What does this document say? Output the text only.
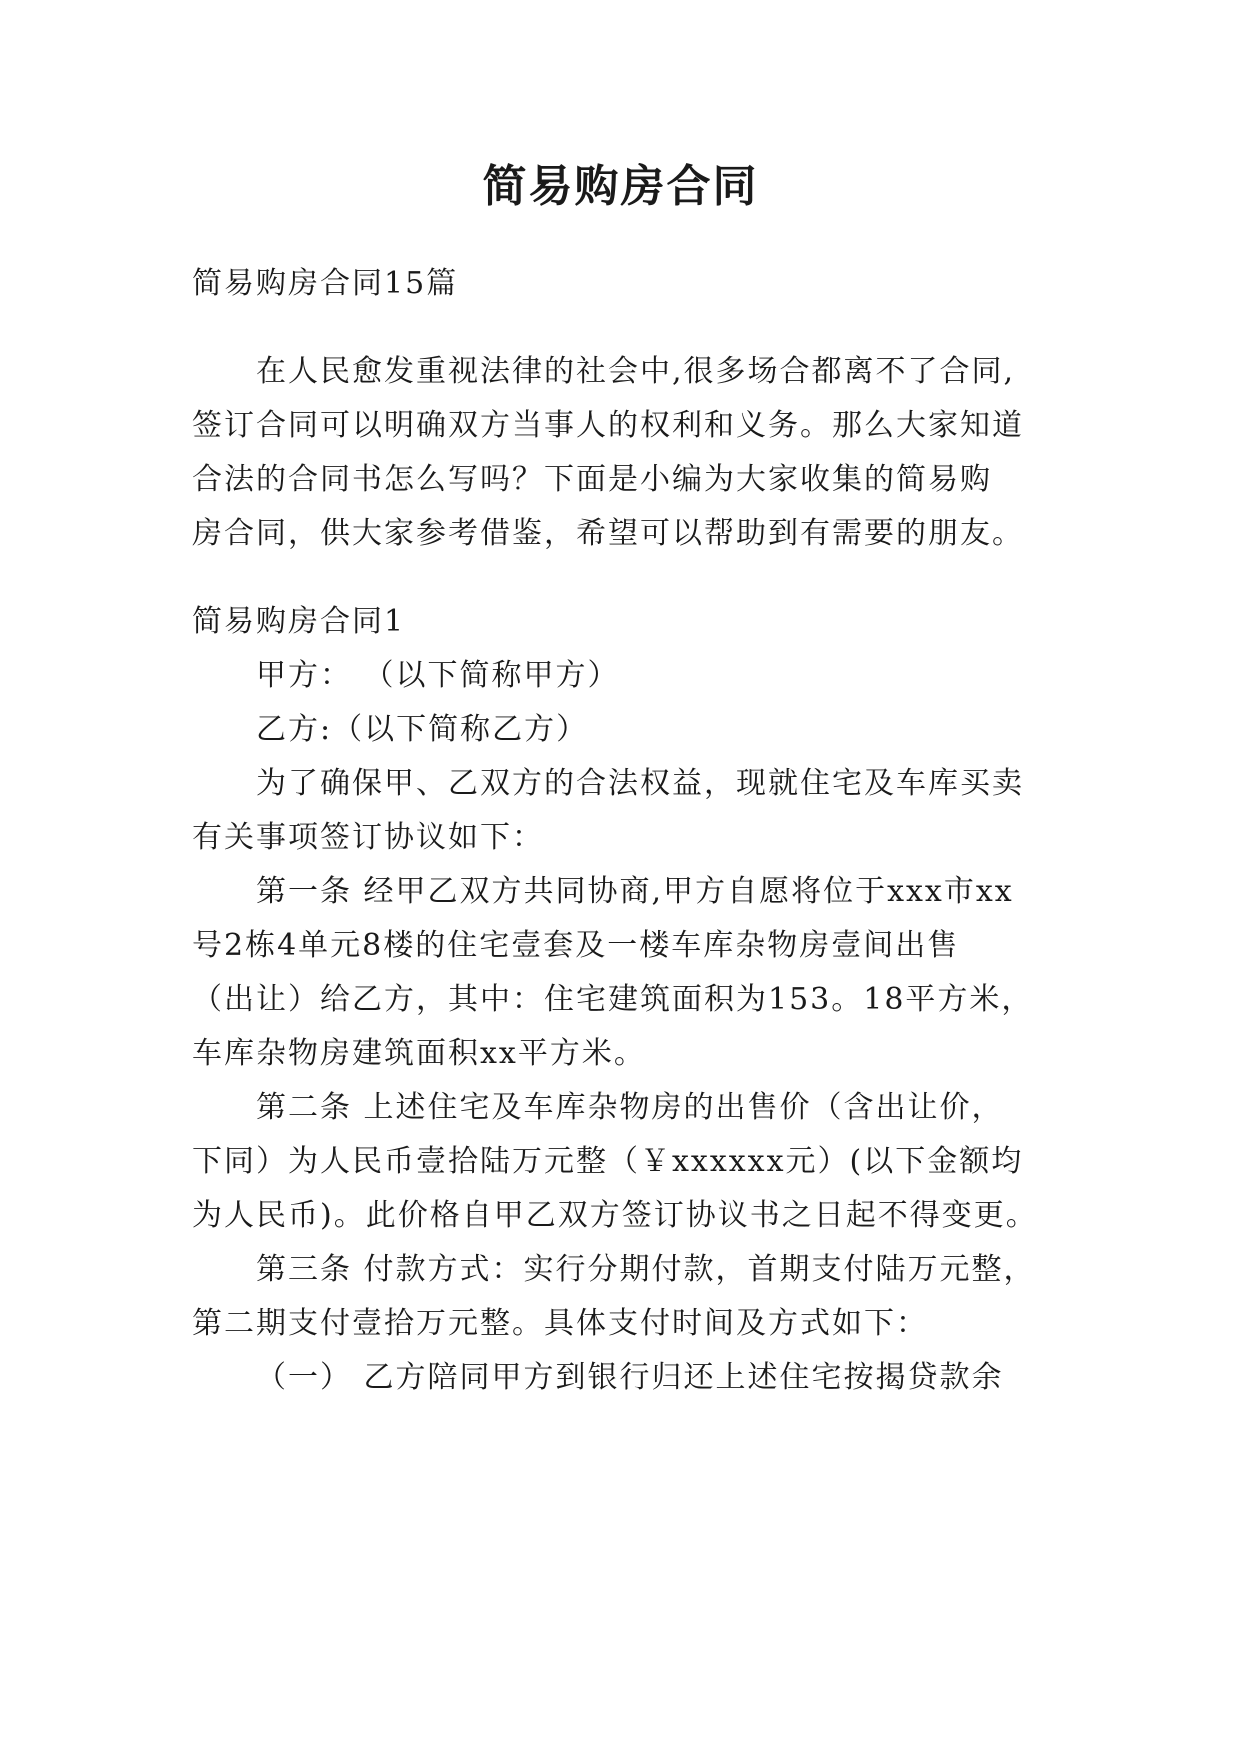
简易购房合同
简易购房合同15篇
在人民愈发重视法律的社会中,很多场合都离不了合同,
签订合同可以明确双方当事人的权利和义务。那么大家知道
合法的合同书怎么写吗？下面是小编为大家收集的简易购
房合同，供大家参考借鉴，希望可以帮助到有需要的朋友。
简易购房合同1
甲方： （以下简称甲方）
乙方:（以下简称乙方）
为了确保甲、乙双方的合法权益，现就住宅及车库买卖
有关事项签订协议如下：
第一条 经甲乙双方共同协商,甲方自愿将位于xxx市xx
号2栋4单元8楼的住宅壹套及一楼车库杂物房壹间出售
（出让）给乙方，其中：住宅建筑面积为153。18平方米，
车库杂物房建筑面积xx平方米。
第二条 上述住宅及车库杂物房的出售价（含出让价，
下同）为人民币壹拾陆万元整（￥xxxxxx元）(以下金额均
为人民币)。此价格自甲乙双方签订协议书之日起不得变更。
第三条 付款方式：实行分期付款，首期支付陆万元整，
第二期支付壹拾万元整。具体支付时间及方式如下：
（一） 乙方陪同甲方到银行归还上述住宅按揭贷款余
